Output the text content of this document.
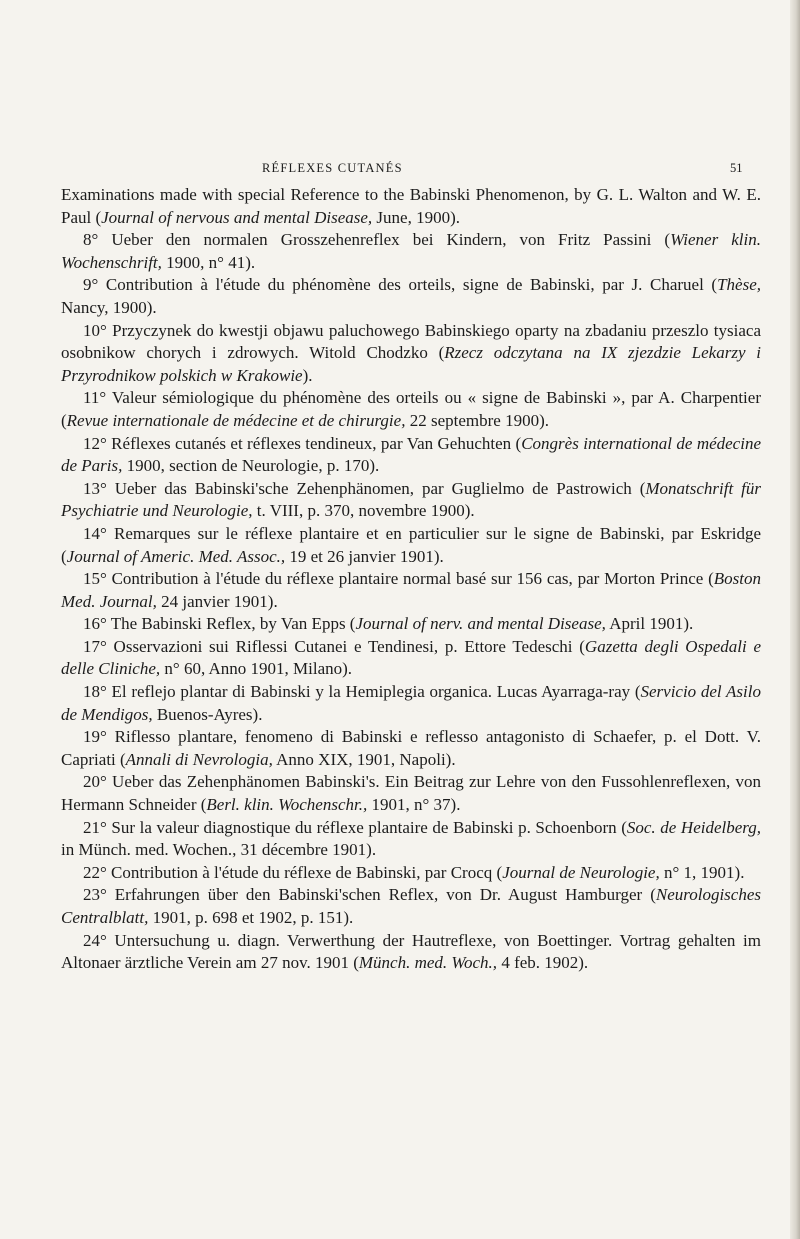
RÉFLEXES CUTANÉS	51

Examinations made with special Reference to the Babinski Phenomenon, by G. L. Walton and W. E. Paul (Journal of nervous and mental Disease, June, 1900).

8° Ueber den normalen Grosszehenreflex bei Kindern, von Fritz Passini (Wiener klin. Wochenschrift, 1900, n° 41).

9° Contribution à l'étude du phénomène des orteils, signe de Babinski, par J. Charuel (Thèse, Nancy, 1900).

10° Przyczynek do kwestji objawu paluchowego Babinskiego oparty na zbadaniu przeszlo tysiaca osobnikow chorych i zdrowych. Witold Chodzko (Rzecz odczytana na IX zjezdzie Lekarzy i Przyrodnikow polskich w Krakowie).

11° Valeur sémiologique du phénomène des orteils ou « signe de Babinski », par A. Charpentier (Revue internationale de médecine et de chirurgie, 22 septembre 1900).

12° Réflexes cutanés et réflexes tendineux, par Van Gehuchten (Congrès international de médecine de Paris, 1900, section de Neurologie, p. 170).

13° Ueber das Babinski'sche Zehenphänomen, par Guglielmo de Pastrowich (Monatschrift für Psychiatrie und Neurologie, t. VIII, p. 370, novembre 1900).

14° Remarques sur le réflexe plantaire et en particulier sur le signe de Babinski, par Eskridge (Journal of Americ. Med. Assoc., 19 et 26 janvier 1901).

15° Contribution à l'étude du réflexe plantaire normal basé sur 156 cas, par Morton Prince (Boston Med. Journal, 24 janvier 1901).

16° The Babinski Reflex, by Van Epps (Journal of nerv. and mental Disease, April 1901).

17° Osservazioni sui Riflessi Cutanei e Tendinesi, p. Ettore Tedeschi (Gazetta degli Ospedali e delle Cliniche, n° 60, Anno 1901, Milano).

18° El reflejo plantar di Babinski y la Hemiplegia organica. Lucas Ayarraga-ray (Servicio del Asilo de Mendigos, Buenos-Ayres).

19° Riflesso plantare, fenomeno di Babinski e reflesso antagonisto di Schaefer, p. el Dott. V. Capriati (Annali di Nevrologia, Anno XIX, 1901, Napoli).

20° Ueber das Zehenphänomen Babinski's. Ein Beitrag zur Lehre von den Fussohlenreflexen, von Hermann Schneider (Berl. klin. Wochenschr., 1901, n° 37).

21° Sur la valeur diagnostique du réflexe plantaire de Babinski p. Schoenborn (Soc. de Heidelberg, in Münch. med. Wochen., 31 décembre 1901).

22° Contribution à l'étude du réflexe de Babinski, par Crocq (Journal de Neurologie, n° 1, 1901).

23° Erfahrungen über den Babinski'schen Reflex, von Dr. August Hamburger (Neurologisches Centralblatt, 1901, p. 698 et 1902, p. 151).

24° Untersuchung u. diagn. Verwerthung der Hautreflexe, von Boettinger. Vortrag gehalten im Altonaer ärztliche Verein am 27 nov. 1901 (Münch. med. Woch., 4 feb. 1902).
